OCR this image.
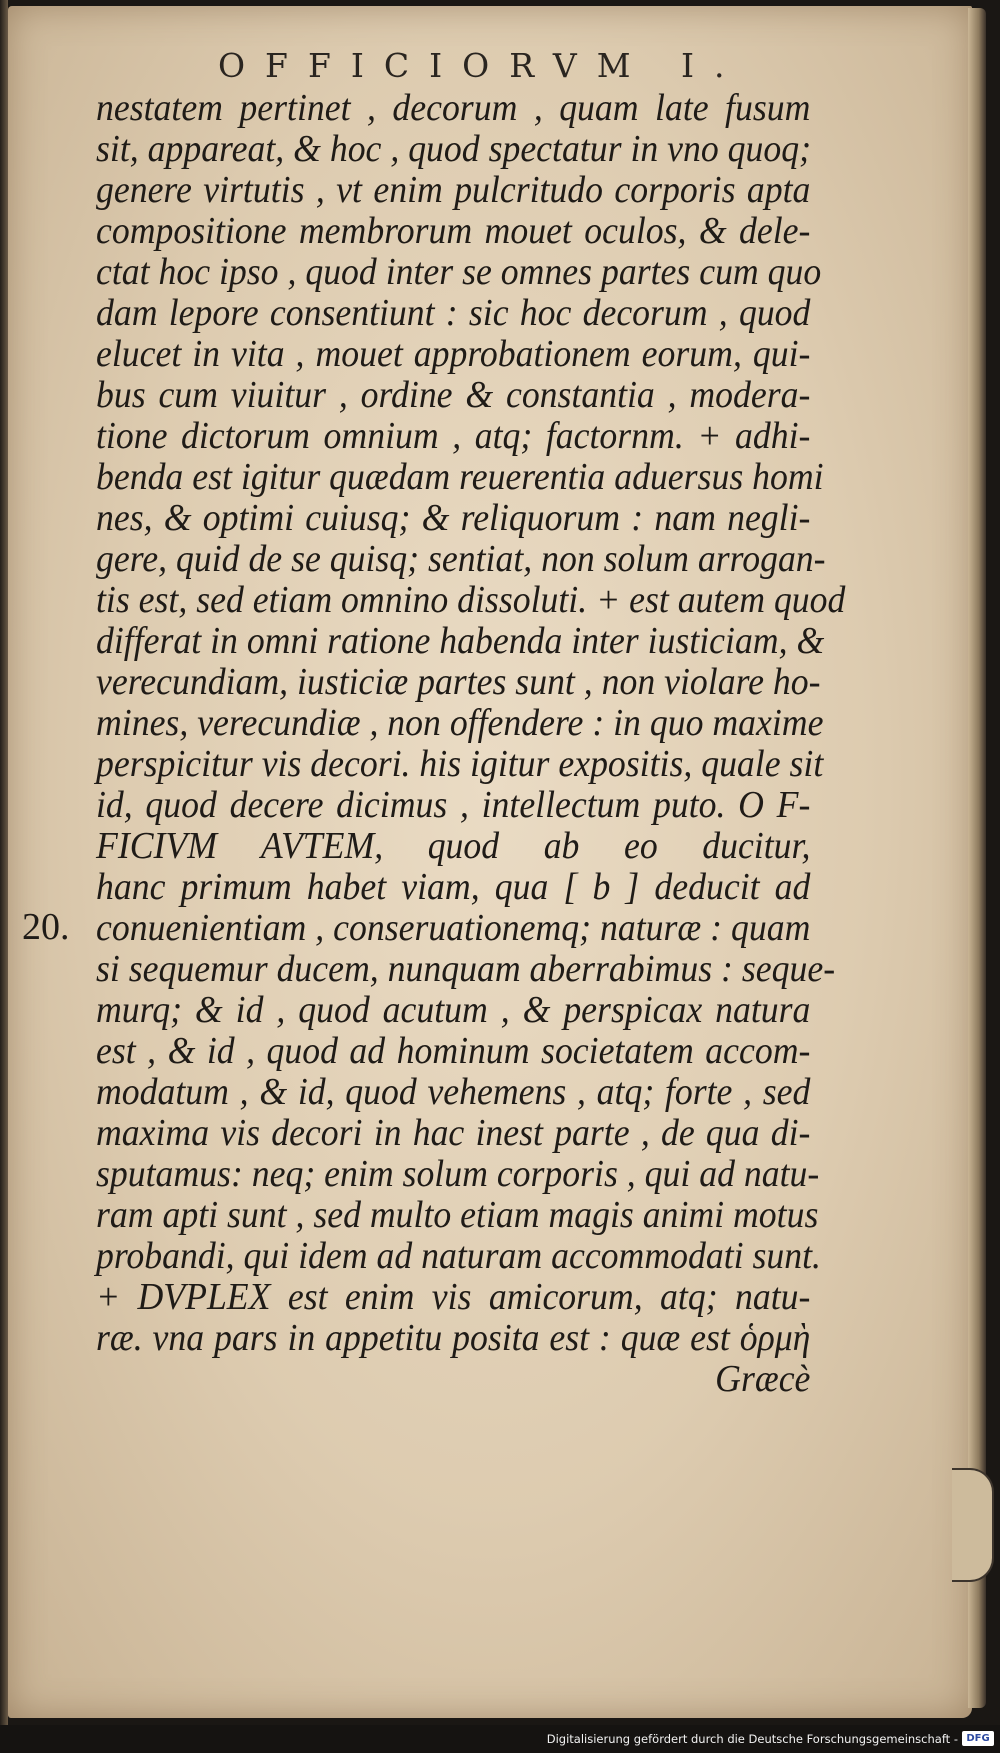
OFFICIORVM I.
20.
nestatem pertinet , decorum , quam late fusum
sit, appareat, & hoc , quod spectatur in vno quoq;
genere virtutis , vt enim pulcritudo corporis apta
compositione membrorum mouet oculos, & dele-
ctat hoc ipso , quod inter se omnes partes cum quo
dam lepore consentiunt : sic hoc decorum , quod
elucet in vita , mouet approbationem eorum, qui-
bus cum viuitur , ordine & constantia , modera-
tione dictorum omnium , atq; factornm. + adhi-
benda est igitur quædam reuerentia aduersus homi
nes, & optimi cuiusq; & reliquorum : nam negli-
gere, quid de se quisq; sentiat, non solum arrogan-
tis est, sed etiam omnino dissoluti. + est autem quod
differat in omni ratione habenda inter iusticiam, &
verecundiam, iusticiæ partes sunt , non violare ho-
mines, verecundiæ , non offendere : in quo maxime
perspicitur vis decori. his igitur expositis, quale sit
id, quod decere dicimus , intellectum puto. O F-
FICIVM AVTEM, quod ab eo ducitur,
hanc primum habet viam, qua [ b ] deducit ad
conuenientiam , conseruationemq; naturæ : quam
si sequemur ducem, nunquam aberrabimus : seque-
murq; & id , quod acutum , & perspicax natura
est , & id , quod ad hominum societatem accom-
modatum , & id, quod vehemens , atq; forte , sed
maxima vis decori in hac inest parte , de qua di-
sputamus: neq; enim solum corporis , qui ad natu-
ram apti sunt , sed multo etiam magis animi motus
probandi, qui idem ad naturam accommodati sunt.
+ DVPLEX est enim vis amicorum, atq; natu-
ræ. vna pars in appetitu posita est : quæ est ὁρμὴ
Græcè
Digitalisierung gefördert durch die Deutsche Forschungsgemeinschaft - DFG
